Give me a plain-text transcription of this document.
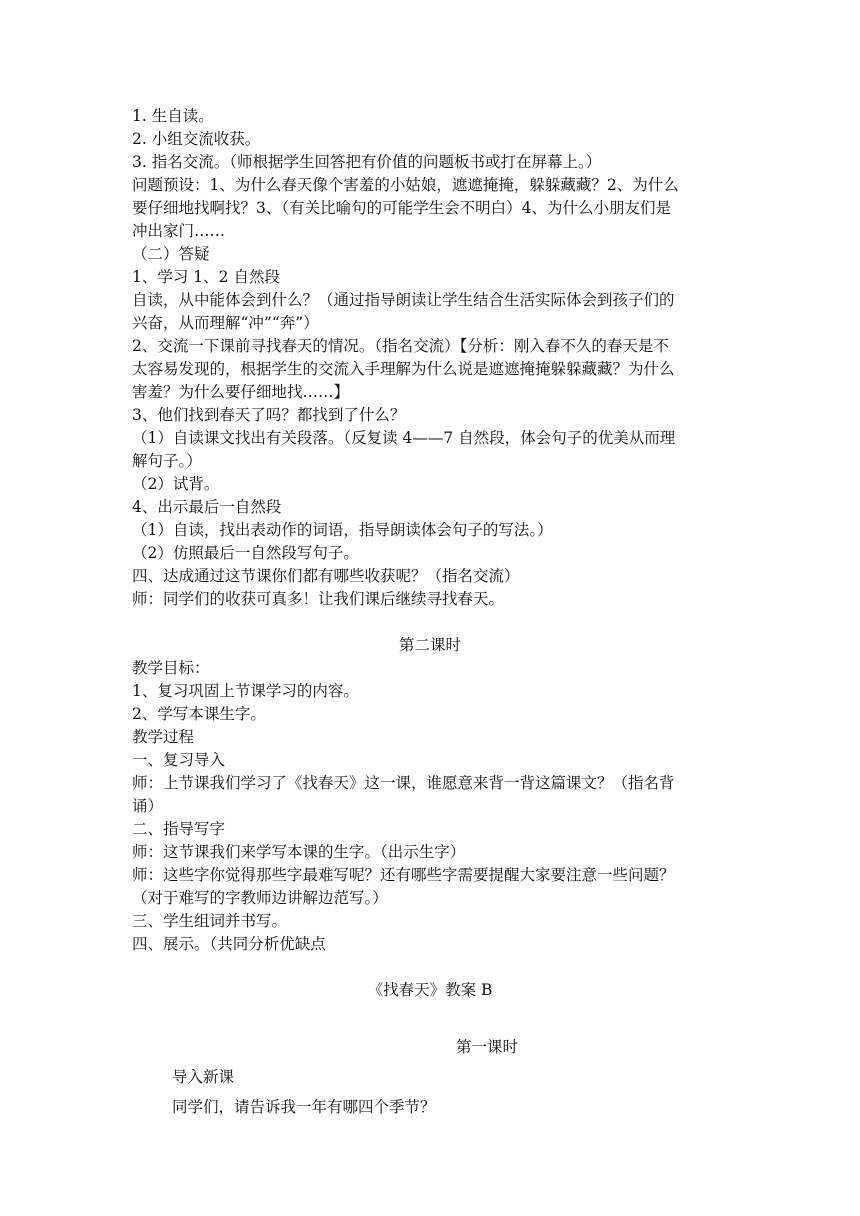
1. 生自读。
2. 小组交流收获。
3. 指名交流。（师根据学生回答把有价值的问题板书或打在屏幕上。）
问题预设：1、为什么春天像个害羞的小姑娘，遮遮掩掩，躲躲藏藏？2、为什么
要仔细地找啊找？3、（有关比喻句的可能学生会不明白）4、为什么小朋友们是
冲出家门……
（二）答疑
1、学习 1、2 自然段
自读，从中能体会到什么？（通过指导朗读让学生结合生活实际体会到孩子们的
兴奋，从而理解“冲”“奔”）
2、交流一下课前寻找春天的情况。（指名交流）【分析：刚入春不久的春天是不
太容易发现的，根据学生的交流入手理解为什么说是遮遮掩掩躲躲藏藏？为什么
害羞？为什么要仔细地找……】
3、他们找到春天了吗？都找到了什么？
（1）自读课文找出有关段落。（反复读 4——7 自然段，体会句子的优美从而理
解句子。）
（2）试背。
4、出示最后一自然段
（1）自读，找出表动作的词语，指导朗读体会句子的写法。）
（2）仿照最后一自然段写句子。
四、达成通过这节课你们都有哪些收获呢？（指名交流）
师：同学们的收获可真多！让我们课后继续寻找春天。
第二课时
教学目标：
1、复习巩固上节课学习的内容。
2、学写本课生字。
教学过程
一、复习导入
师：上节课我们学习了《找春天》这一课，谁愿意来背一背这篇课文？（指名背
诵）
二、指导写字
师：这节课我们来学写本课的生字。（出示生字）
师：这些字你觉得那些字最难写呢？还有哪些字需要提醒大家要注意一些问题？
（对于难写的字教师边讲解边范写。）
三、学生组词并书写。
四、展示。（共同分析优缺点
《找春天》教案 B
第一课时
导入新课
同学们，请告诉我一年有哪四个季节？
